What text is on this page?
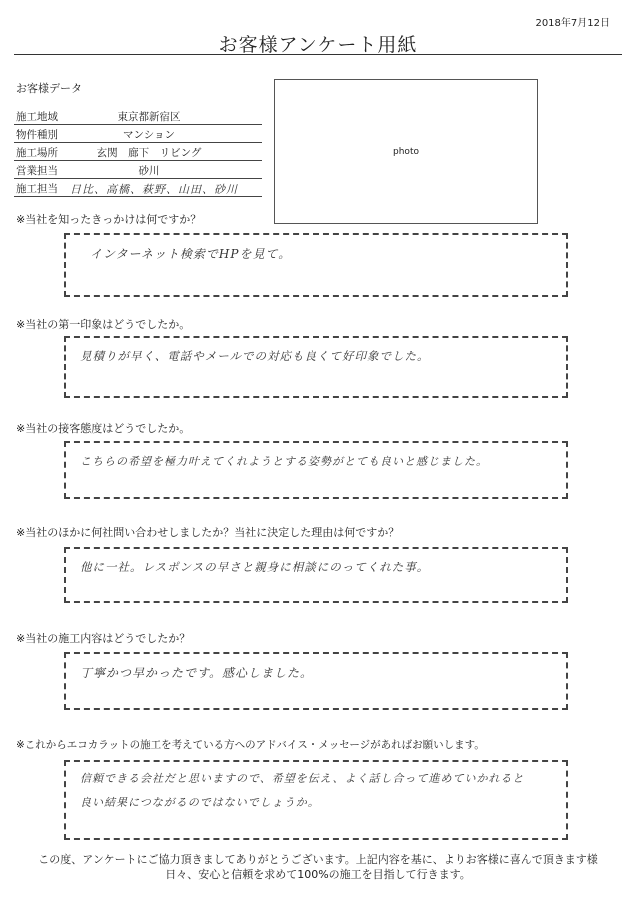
2018年7月12日
お客様アンケート用紙
お客様データ
施工地域	東京都新宿区
物件種別	マンション
施工場所	玄関　廊下　リビング
営業担当	砂川
施工担当 日比、高橋、萩野、山田、砂川
photo
※当社を知ったきっかけは何ですか？
インターネット検索でHPを見て。
※当社の第一印象はどうでしたか。
見積りが早く、電話やメールでの対応も良くて好印象でした。
※当社の接客態度はどうでしたか。
こちらの希望を極力叶えてくれようとする姿勢がとても良いと感じました。
※当社のほかに何社問い合わせしましたか？当社に決定した理由は何ですか？
他に一社。レスポンスの早さと親身に相談にのってくれた事。
※当社の施工内容はどうでしたか？
丁寧かつ早かったです。感心しました。
※これからエコカラットの施工を考えている方へのアドバイス・メッセージがあればお願いします。
信頼できる会社だと思いますので、希望を伝え、よく話し合って進めていかれると
良い結果につながるのではないでしょうか。
この度、アンケートにご協力頂きましてありがとうございます。上記内容を基に、よりお客様に喜んで頂きます様
日々、安心と信頼を求めて100%の施工を目指して行きます。
